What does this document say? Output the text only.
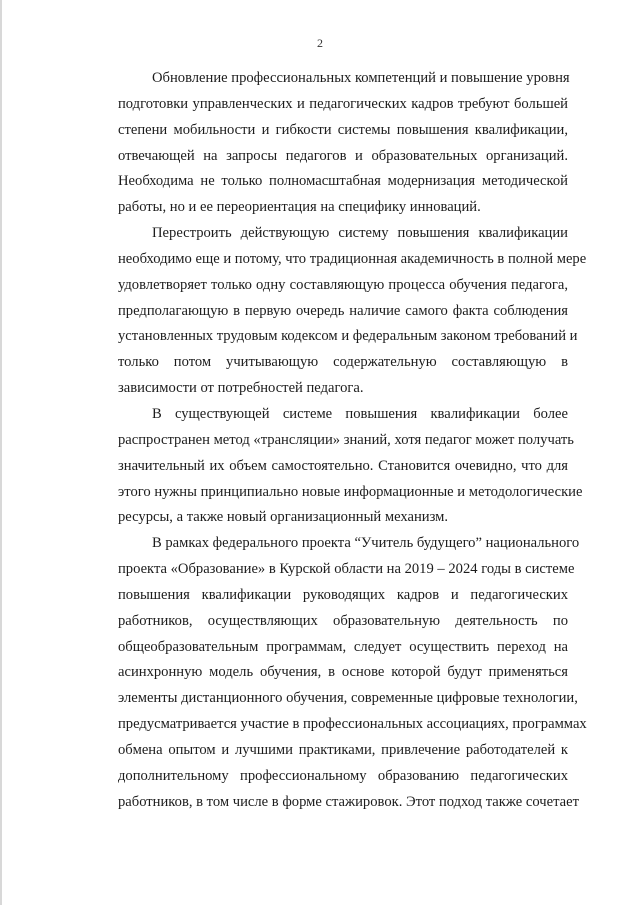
2
Обновление профессиональных компетенций и повышение уровня
подготовки управленческих и педагогических кадров требуют большей
степени мобильности и гибкости системы повышения квалификации,
отвечающей на запросы педагогов и образовательных организаций.
Необходима не только полномасштабная модернизация методической
работы, но и ее переориентация на специфику инноваций.
Перестроить действующую систему повышения квалификации
необходимо еще и потому, что традиционная академичность в полной мере
удовлетворяет только одну составляющую процесса обучения педагога,
предполагающую в первую очередь наличие самого факта соблюдения
установленных трудовым кодексом и федеральным законом требований и
только потом учитывающую содержательную составляющую в
зависимости от потребностей педагога.
В существующей системе повышения квалификации более
распространен метод «трансляции» знаний, хотя педагог может получать
значительный их объем самостоятельно. Становится очевидно, что для
этого нужны принципиально новые информационные и методологические
ресурсы, а также новый организационный механизм.
В рамках федерального проекта “Учитель будущего” национального
проекта «Образование» в Курской области на 2019 – 2024 годы в системе
повышения квалификации руководящих кадров и педагогических
работников, осуществляющих образовательную деятельность по
общеобразовательным программам, следует осуществить переход на
асинхронную модель обучения, в основе которой будут применяться
элементы дистанционного обучения, современные цифровые технологии,
предусматривается участие в профессиональных ассоциациях, программах
обмена опытом и лучшими практиками, привлечение работодателей к
дополнительному профессиональному образованию педагогических
работников, в том числе в форме стажировок. Этот подход также сочетает
